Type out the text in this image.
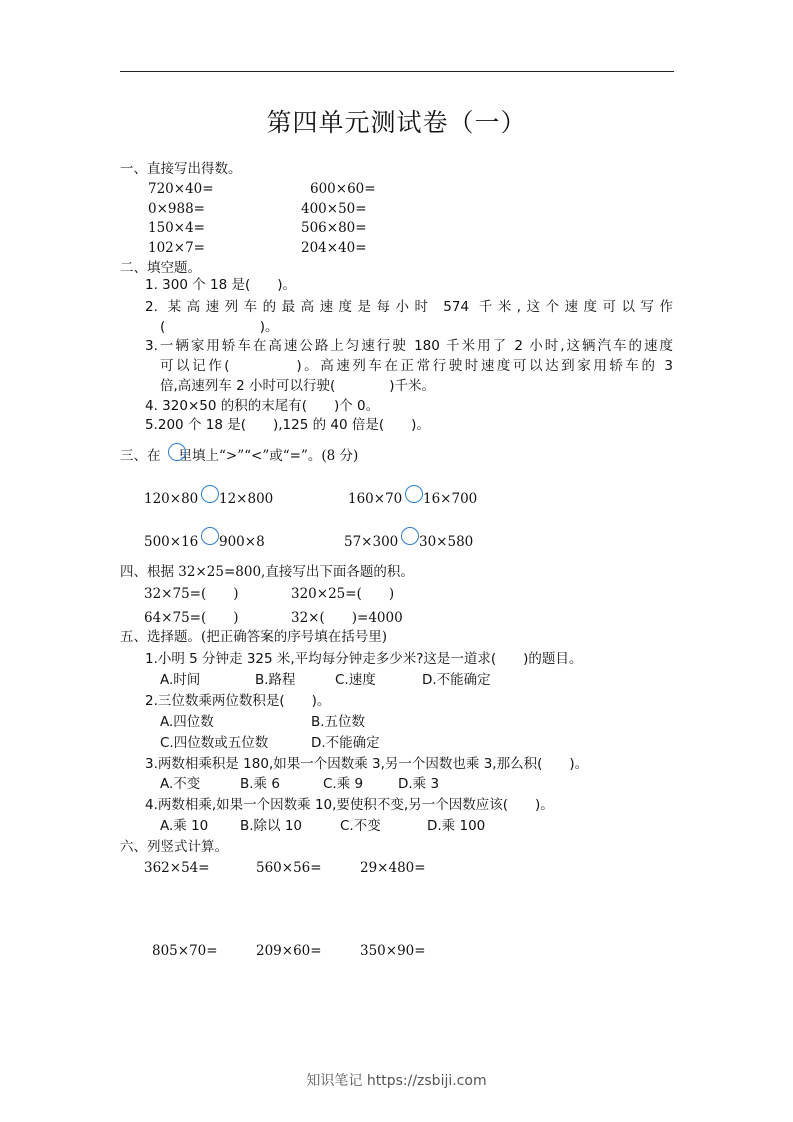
第四单元测试卷（一）
一、直接写出得数。
720×40=	600×60=
0×988=	400×50=
150×4=	506×80=
102×7=	204×40=
二、填空题。
1. 300 个 18 是(　　)。
2. 某高速列车的最高速度是每小时 574 千米,这个速度可以写作
(　　　　　　　)。
3.一辆家用轿车在高速公路上匀速行驶 180 千米用了 2 小时,这辆汽车的速度
可以记作(　　　　)。高速列车在正常行驶时速度可以达到家用轿车的 3
倍,高速列车 2 小时可以行驶(　　　　)千米。
4. 320×50 的积的末尾有(　　)个 0。
5.200 个 18 是(　　),125 的 40 倍是(　　)。
三、在 里填上“>”“<”或“=”。(8 分)
120×80 12×800	160×70 16×700
500×16 900×8	57×300 30×580
四、根据 32×25=800,直接写出下面各题的积。
32×75=(　　)	320×25=(　　)
64×75=(　　)	32×(　　)=4000
五、选择题。(把正确答案的序号填在括号里)
1.小明 5 分钟走 325 米,平均每分钟走多少米?这是一道求(　　)的题目。
A.时间	B.路程	C.速度	D.不能确定
2.三位数乘两位数积是(　　)。
A.四位数	B.五位数
C.四位数或五位数	D.不能确定
3.两数相乘积是 180,如果一个因数乘 3,另一个因数也乘 3,那么积(　　)。
A.不变	B.乘 6	C.乘 9	D.乘 3
4.两数相乘,如果一个因数乘 10,要使积不变,另一个因数应该(　　)。
A.乘 10 B.除以 10	C.不变	D.乘 100
六、列竖式计算。
362×54=	560×56=	29×480=
805×70=	209×60=	350×90=
知识笔记 https://zsbiji.com
